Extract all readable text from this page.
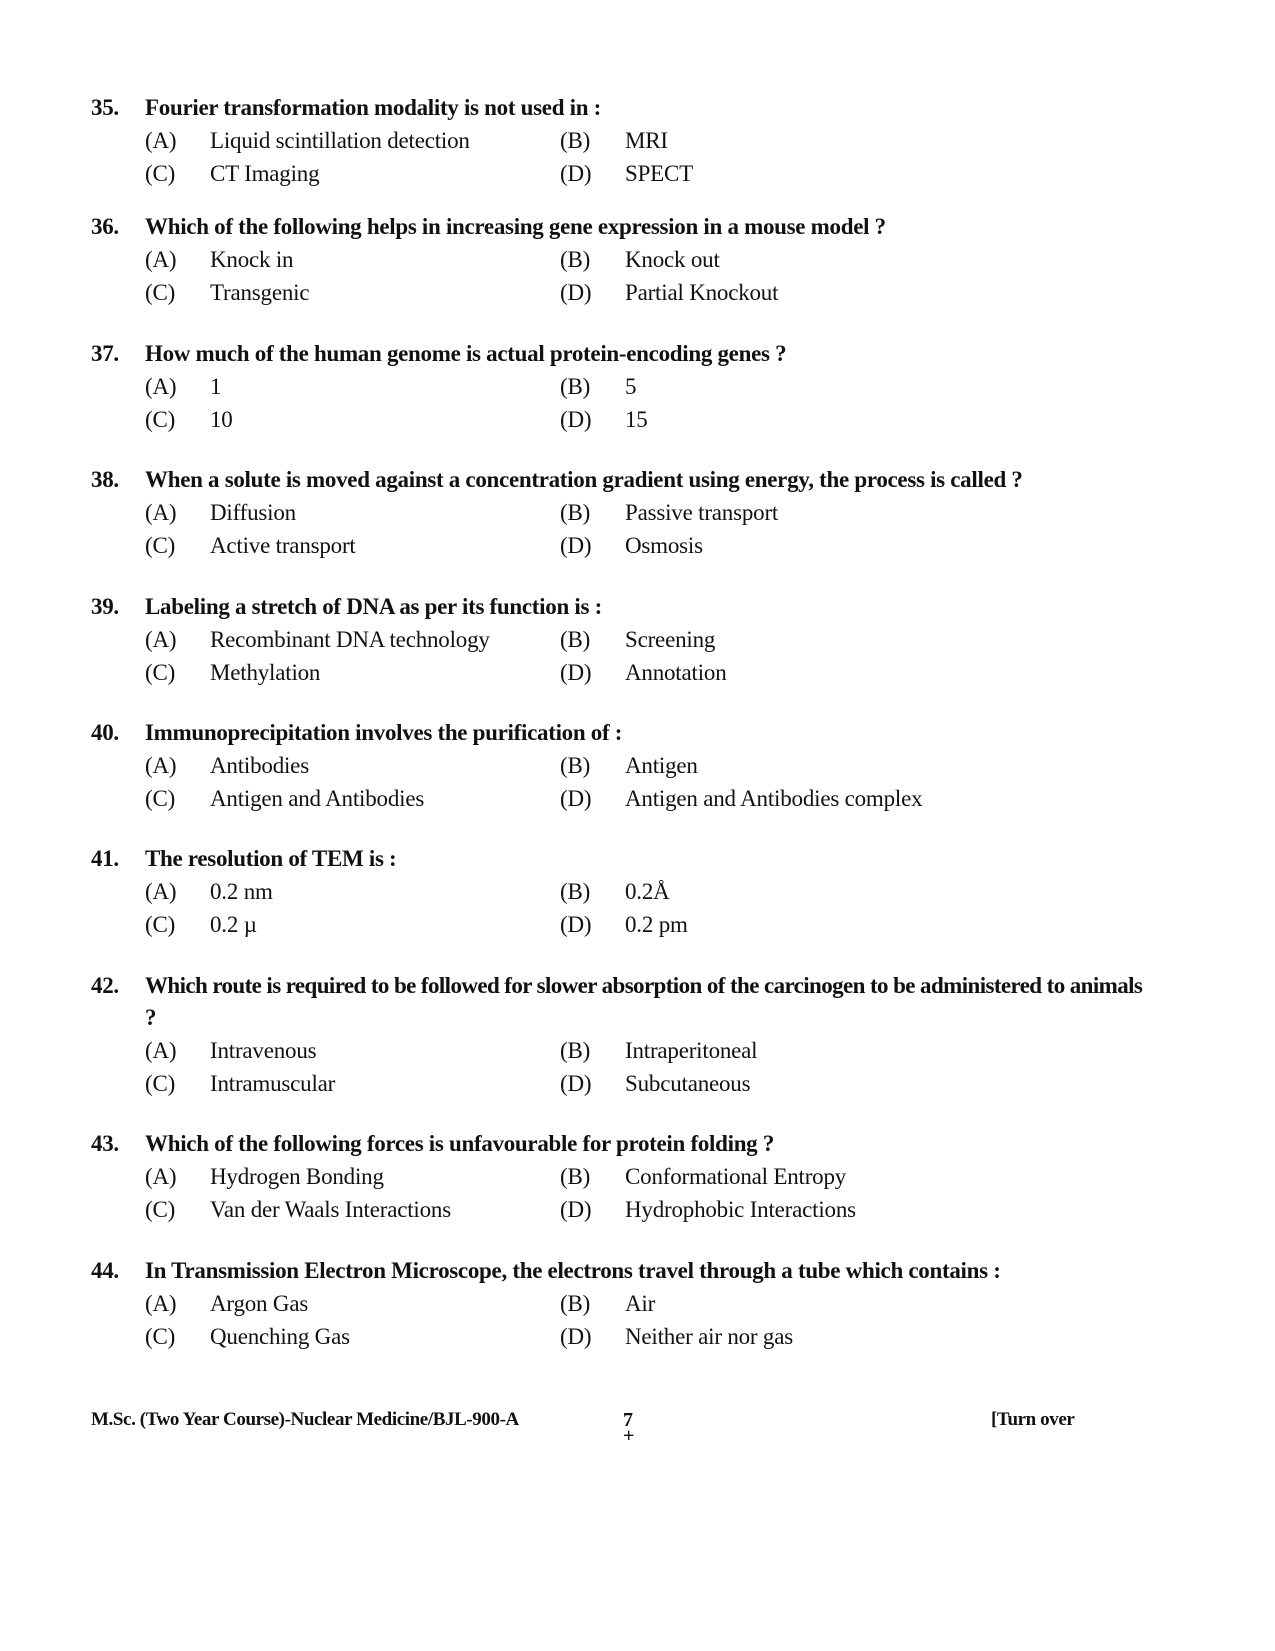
35.	Fourier transformation modality is not used in :
(A)	Liquid scintillation detection	(B)	MRI
(C)	CT Imaging	(D)	SPECT
36.	Which of the following helps in increasing gene expression in a mouse model ?
(A)	Knock in	(B)	Knock out
(C)	Transgenic	(D)	Partial Knockout
37.	How much of the human genome is actual protein-encoding genes ?
(A)	1	(B)	5
(C)	10	(D)	15
38.	When a solute is moved against a concentration gradient using energy, the process is called ?
(A)	Diffusion	(B)	Passive transport
(C)	Active transport	(D)	Osmosis
39.	Labeling a stretch of DNA as per its function is :
(A)	Recombinant DNA technology	(B)	Screening
(C)	Methylation	(D)	Annotation
40.	Immunoprecipitation involves the purification of :
(A)	Antibodies	(B)	Antigen
(C)	Antigen and Antibodies	(D)	Antigen and Antibodies complex
41.	The resolution of TEM is :
(A)	0.2 nm	(B)	0.2Å
(C)	0.2 µ	(D)	0.2 pm
42.	Which route is required to be followed for slower absorption of the carcinogen to be administered to animals ?
(A)	Intravenous	(B)	Intraperitoneal
(C)	Intramuscular	(D)	Subcutaneous
43.	Which of the following forces is unfavourable for protein folding ?
(A)	Hydrogen Bonding	(B)	Conformational Entropy
(C)	Van der Waals Interactions	(D)	Hydrophobic Interactions
44.	In Transmission Electron Microscope, the electrons travel through a tube which contains :
(A)	Argon Gas	(B)	Air
(C)	Quenching Gas	(D)	Neither air nor gas
M.Sc. (Two Year Course)-Nuclear Medicine/BJL-900-A	7
+
[Turn over
